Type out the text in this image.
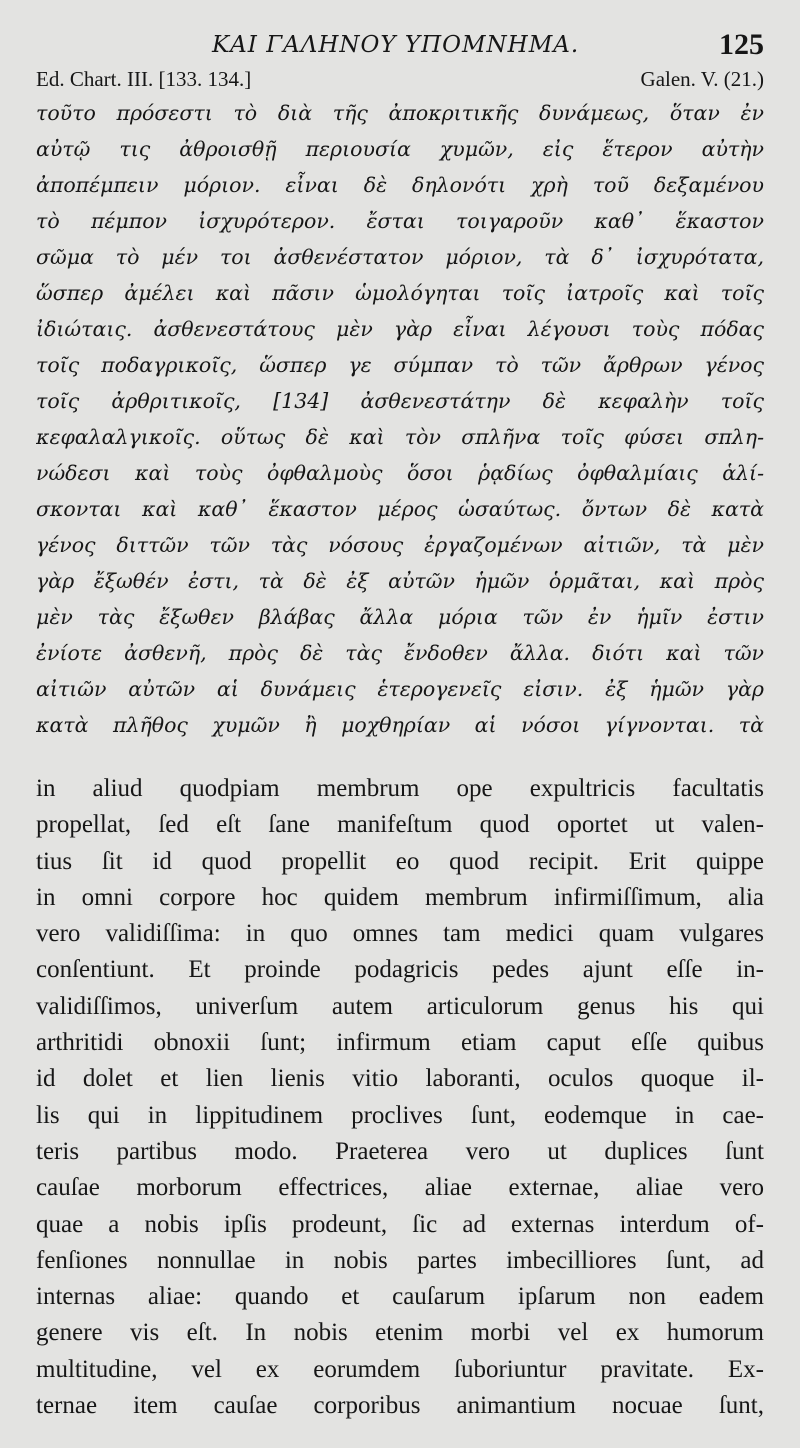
ΚΑΙ ΓΑΛΗΝΟΥ ΥΠΟΜΝΗΜΑ.	125
Ed. Chart. III. [133. 134.]	Galen. V. (21.)
τοῦτο πρόσεστι τὸ διὰ τῆς ἀποκριτικῆς δυνάμεως, ὅταν ἐν
αὐτῷ τις ἀθροισθῇ περιουσία χυμῶν, εἰς ἕτερον αὐτὴν
ἀποπέμπειν μόριον. εἶναι δὲ δηλονότι χρὴ τοῦ δεξαμένου
τὸ πέμπον ἰσχυρότερον. ἔσται τοιγαροῦν καθ᾽ ἕκαστον
σῶμα τὸ μέν τοι ἀσθενέστατον μόριον, τὰ δ᾽ ἰσχυρότατα,
ὥσπερ ἀμέλει καὶ πᾶσιν ὡμολόγηται τοῖς ἰατροῖς καὶ τοῖς
ἰδιώταις. ἀσθενεστάτους μὲν γὰρ εἶναι λέγουσι τοὺς πόδας
τοῖς ποδαγρικοῖς, ὥσπερ γε σύμπαν τὸ τῶν ἄρθρων γένος
τοῖς ἀρθριτικοῖς, [134] ἀσθενεστάτην δὲ κεφαλὴν τοῖς
κεφαλαλγικοῖς. οὕτως δὲ καὶ τὸν σπλῆνα τοῖς φύσει σπλη-
νώδεσι καὶ τοὺς ὀφθαλμοὺς ὅσοι ῥᾳδίως ὀφθαλμίαις ἁλί-
σκονται καὶ καθ᾽ ἕκαστον μέρος ὡσαύτως. ὄντων δὲ κατὰ
γένος διττῶν τῶν τὰς νόσους ἐργαζομένων αἰτιῶν, τὰ μὲν
γὰρ ἔξωθέν ἐστι, τὰ δὲ ἐξ αὐτῶν ἡμῶν ὁρμᾶται, καὶ πρὸς
μὲν τὰς ἔξωθεν βλάβας ἄλλα μόρια τῶν ἐν ἡμῖν ἐστιν
ἐνίοτε ἀσθενῆ, πρὸς δὲ τὰς ἔνδοθεν ἄλλα. διότι καὶ τῶν
αἰτιῶν αὐτῶν αἱ δυνάμεις ἑτερογενεῖς εἰσιν. ἐξ ἡμῶν γὰρ
κατὰ πλῆθος χυμῶν ἢ μοχθηρίαν αἱ νόσοι γίγνονται. τὰ
in aliud quodpiam membrum ope expultricis facultatis
propellat, ſed eſt ſane manifeſtum quod oportet ut valen-
tius ſit id quod propellit eo quod recipit. Erit quippe
in omni corpore hoc quidem membrum infirmiſſimum, alia
vero validiſſima: in quo omnes tam medici quam vulgares
conſentiunt. Et proinde podagricis pedes ajunt eſſe in-
validiſſimos, univerſum autem articulorum genus his qui
arthritidi obnoxii ſunt; infirmum etiam caput eſſe quibus
id dolet et lien lienis vitio laboranti, oculos quoque il-
lis qui in lippitudinem proclives ſunt, eodemque in cae-
teris partibus modo. Praeterea vero ut duplices ſunt
cauſae morborum effectrices, aliae externae, aliae vero
quae a nobis ipſis prodeunt, ſic ad externas interdum of-
fenſiones nonnullae in nobis partes imbecilliores ſunt, ad
internas aliae: quando et cauſarum ipſarum non eadem
genere vis eſt. In nobis etenim morbi vel ex humorum
multitudine, vel ex eorumdem ſuboriuntur pravitate. Ex-
ternae item cauſae corporibus animantium nocuae ſunt,
